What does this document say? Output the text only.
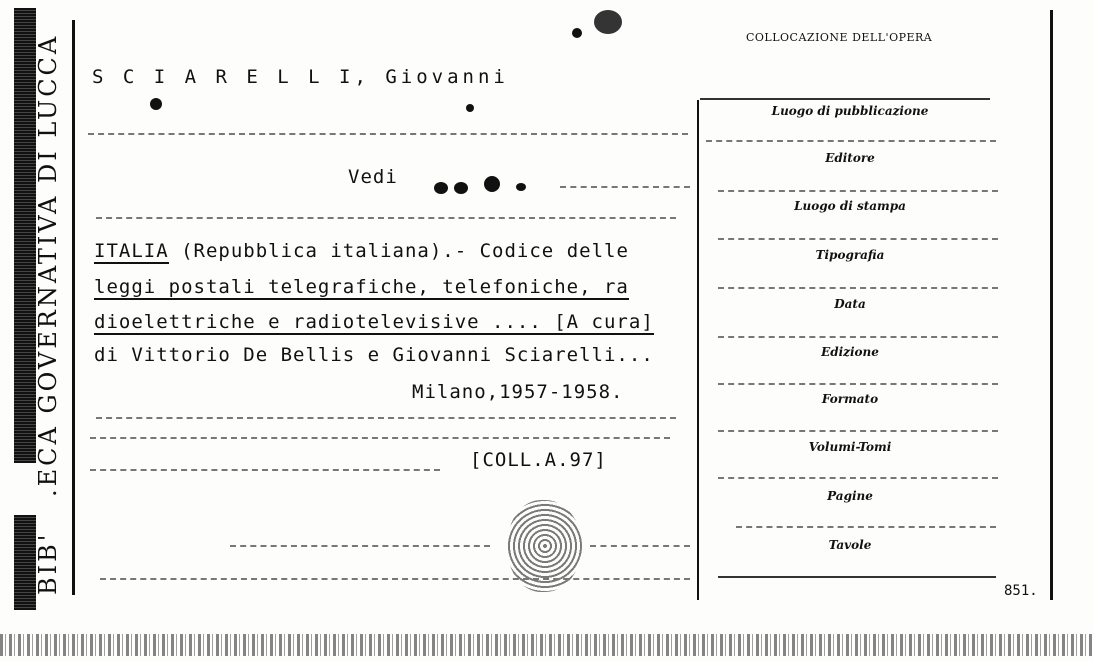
.ECA GOVERNATIVA DI LUCCA
BIB'
S C I A R E L L I, Giovanni
Vedi
ITALIA (Repubblica italiana).- Codice delle
leggi postali telegrafiche, telefoniche, ra
dioelettriche e radiotelevisive .... [A cura]
di Vittorio De Bellis e Giovanni Sciarelli...
Milano,1957-1958.
[COLL.A.97]
COLLOCAZIONE DELL'OPERA
Luogo di pubblicazione
Editore
Luogo di stampa
Tipografia
Data
Edizione
Formato
Volumi-Tomi
Pagine
Tavole
851.
